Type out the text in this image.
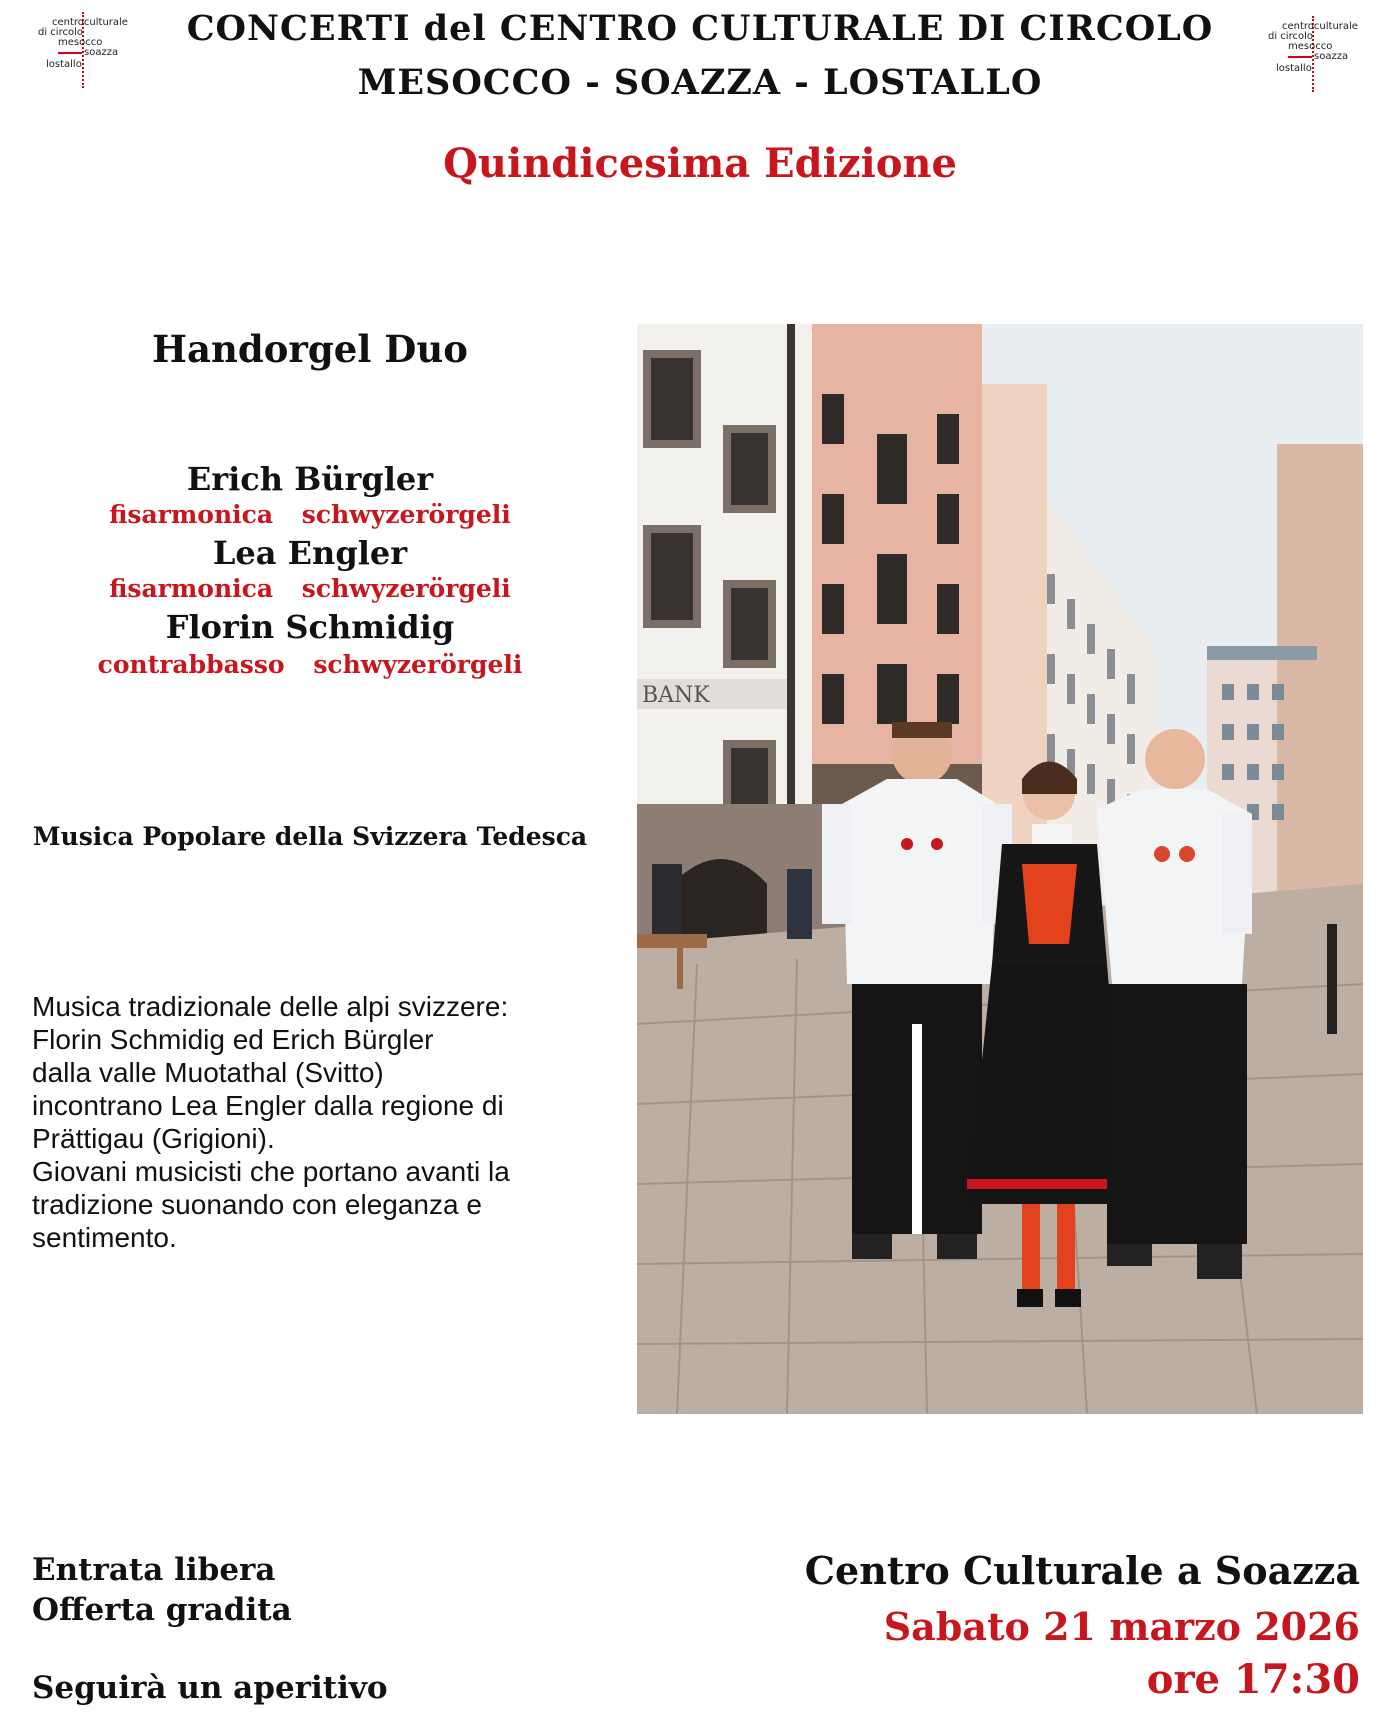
centroculturale
di circolo
mesocco
soazza
lostallo
centroculturale
di circolo
mesocco
soazza
lostallo
CONCERTI del CENTRO CULTURALE DI CIRCOLO
MESOCCO - SOAZZA - LOSTALLO
Quindicesima Edizione
Handorgel Duo
Erich Bürgler
fisarmonica schwyzerörgeli
Lea Engler
fisarmonica schwyzerörgeli
Florin Schmidig
contrabbasso schwyzerörgeli
Musica Popolare della Svizzera Tedesca
Musica tradizionale delle alpi svizzere:
Florin Schmidig ed Erich Bürgler
dalla valle Muotathal (Svitto)
incontrano Lea Engler dalla regione di
Prättigau (Grigioni).
Giovani musicisti che portano avanti la
tradizione suonando con eleganza e
sentimento.
BANK
Entrata libera
Offerta gradita
Seguirà un aperitivo
Centro Culturale a Soazza
Sabato 21 marzo 2026
ore 17:30
